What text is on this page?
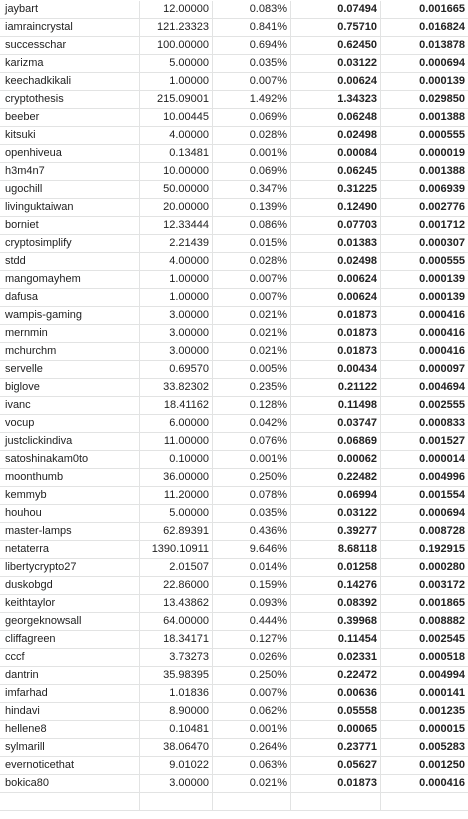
jaybart	12.00000	0.083%	0.07494	0.001665
iamraincrystal	121.23323	0.841%	0.75710	0.016824
successchar	100.00000	0.694%	0.62450	0.013878
karizma	5.00000	0.035%	0.03122	0.000694
keechadkikali	1.00000	0.007%	0.00624	0.000139
cryptothesis	215.09001	1.492%	1.34323	0.029850
beeber	10.00445	0.069%	0.06248	0.001388
kitsuki	4.00000	0.028%	0.02498	0.000555
openhiveua	0.13481	0.001%	0.00084	0.000019
h3m4n7	10.00000	0.069%	0.06245	0.001388
ugochill	50.00000	0.347%	0.31225	0.006939
livinguktaiwan	20.00000	0.139%	0.12490	0.002776
borniet	12.33444	0.086%	0.07703	0.001712
cryptosimplify	2.21439	0.015%	0.01383	0.000307
stdd	4.00000	0.028%	0.02498	0.000555
mangomayhem	1.00000	0.007%	0.00624	0.000139
dafusa	1.00000	0.007%	0.00624	0.000139
wampis-gaming	3.00000	0.021%	0.01873	0.000416
mernmin	3.00000	0.021%	0.01873	0.000416
mchurchm	3.00000	0.021%	0.01873	0.000416
servelle	0.69570	0.005%	0.00434	0.000097
biglove	33.82302	0.235%	0.21122	0.004694
ivanc	18.41162	0.128%	0.11498	0.002555
vocup	6.00000	0.042%	0.03747	0.000833
justclickindiva	11.00000	0.076%	0.06869	0.001527
satoshinakam0to	0.10000	0.001%	0.00062	0.000014
moonthumb	36.00000	0.250%	0.22482	0.004996
kemmyb	11.20000	0.078%	0.06994	0.001554
houhou	5.00000	0.035%	0.03122	0.000694
master-lamps	62.89391	0.436%	0.39277	0.008728
netaterra	1390.10911	9.646%	8.68118	0.192915
libertycrypto27	2.01507	0.014%	0.01258	0.000280
duskobgd	22.86000	0.159%	0.14276	0.003172
keithtaylor	13.43862	0.093%	0.08392	0.001865
georgeknowsall	64.00000	0.444%	0.39968	0.008882
cliffagreen	18.34171	0.127%	0.11454	0.002545
cccf	3.73273	0.026%	0.02331	0.000518
dantrin	35.98395	0.250%	0.22472	0.004994
imfarhad	1.01836	0.007%	0.00636	0.000141
hindavi	8.90000	0.062%	0.05558	0.001235
hellene8	0.10481	0.001%	0.00065	0.000015
sylmarill	38.06470	0.264%	0.23771	0.005283
evernoticethat	9.01022	0.063%	0.05627	0.001250
bokica80	3.00000	0.021%	0.01873	0.000416
